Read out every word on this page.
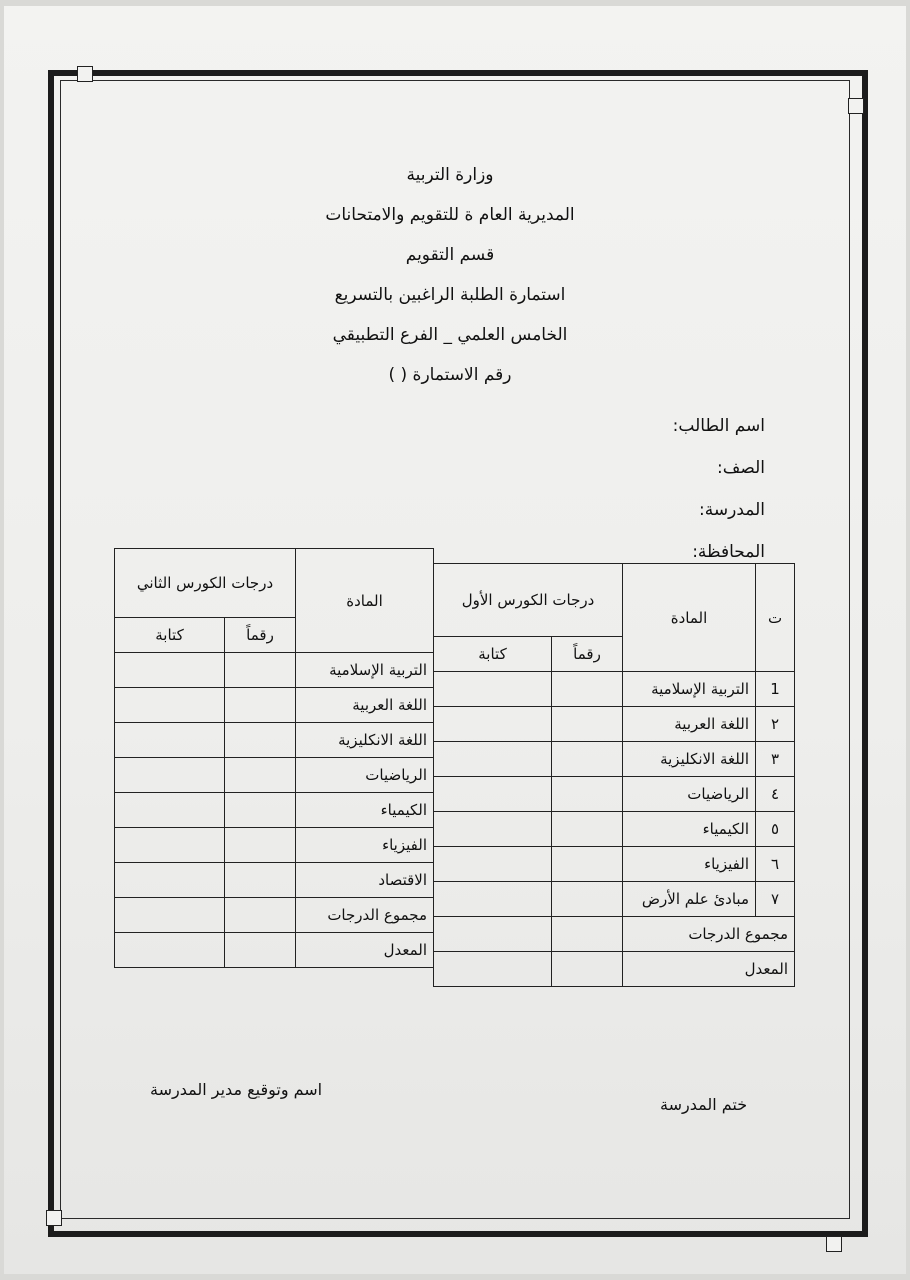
وزارة التربية
المديرية العام ة للتقويم والامتحانات
قسم التقويم
استمارة الطلبة الراغبين بالتسريع
الخامس العلمي _ الفرع التطبيقي
رقم الاستمارة ( )
اسم الطالب:
الصف:
المدرسة:
المحافظة:
ت	المادة	درجات الكورس الأول	
		رقماً	كتابة
1	التربية الإسلامية		
٢	اللغة العربية		
٣	اللغة الانكليزية		
٤	الرياضيات		
٥	الكيمياء		
٦	الفيزياء		
٧	مبادئ علم الأرض		
مجموع الدرجات			
المعدل			
المادة	درجات الكورس الثاني	
	رقماً	كتابة
التربية الإسلامية		
اللغة العربية		
اللغة الانكليزية		
الرياضيات		
الكيمياء		
الفيزياء		
الاقتصاد		
مجموع الدرجات		
المعدل		
اسم وتوقيع مدير المدرسة
ختم المدرسة
